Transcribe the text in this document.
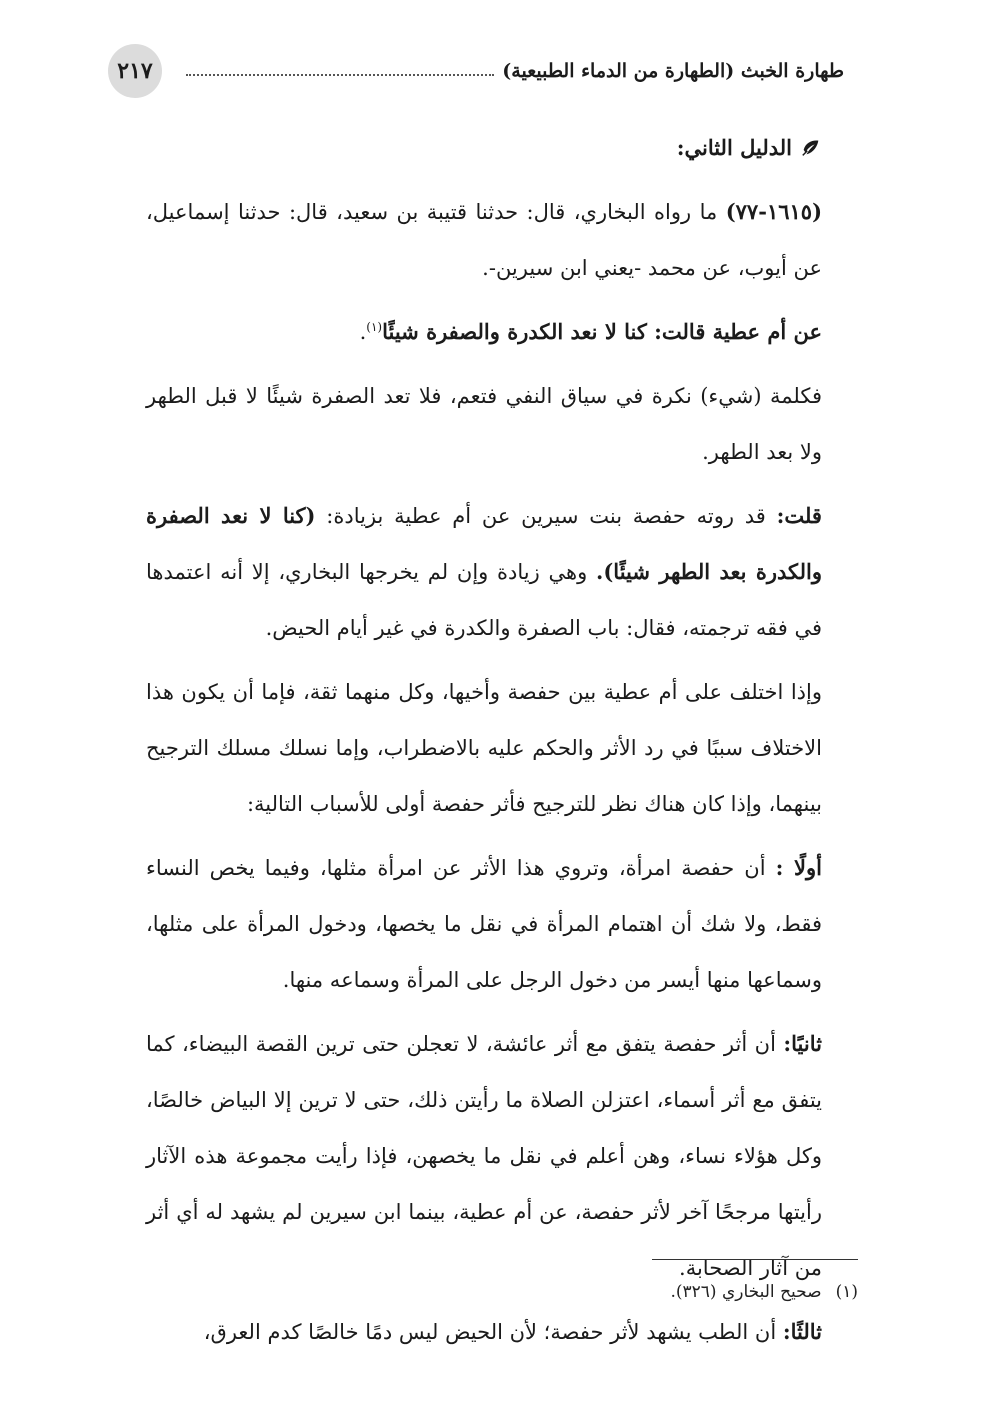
٢١٧	طهارة الخبث (الطهارة من الدماء الطبيعية)

الدليل الثاني:

(١٦١٥-٧٧) ما رواه البخاري، قال: حدثنا قتيبة بن سعيد، قال: حدثنا إسماعيل، عن أيوب، عن محمد -يعني ابن سيرين-.

عن أم عطية قالت: كنا لا نعد الكدرة والصفرة شيئًا$^{(١)}$.

فكلمة (شيء) نكرة في سياق النفي فتعم، فلا تعد الصفرة شيئًا لا قبل الطهر ولا بعد الطهر.

قلت: قد روته حفصة بنت سيرين عن أم عطية بزيادة: (كنا لا نعد الصفرة والكدرة بعد الطهر شيئًا). وهي زيادة وإن لم يخرجها البخاري، إلا أنه اعتمدها في فقه ترجمته، فقال: باب الصفرة والكدرة في غير أيام الحيض.

وإذا اختلف على أم عطية بين حفصة وأخيها، وكل منهما ثقة، فإما أن يكون هذا الاختلاف سببًا في رد الأثر والحكم عليه بالاضطراب، وإما نسلك مسلك الترجيح بينهما، وإذا كان هناك نظر للترجيح فأثر حفصة أولى للأسباب التالية:

أولًا : أن حفصة امرأة، وتروي هذا الأثر عن امرأة مثلها، وفيما يخص النساء فقط، ولا شك أن اهتمام المرأة في نقل ما يخصها، ودخول المرأة على مثلها، وسماعها منها أيسر من دخول الرجل على المرأة وسماعه منها.

ثانيًا: أن أثر حفصة يتفق مع أثر عائشة، لا تعجلن حتى ترين القصة البيضاء، كما يتفق مع أثر أسماء، اعتزلن الصلاة ما رأيتن ذلك، حتى لا ترين إلا البياض خالصًا، وكل هؤلاء نساء، وهن أعلم في نقل ما يخصهن، فإذا رأيت مجموعة هذه الآثار رأيتها مرجحًا آخر لأثر حفصة، عن أم عطية، بينما ابن سيرين لم يشهد له أي أثر من آثار الصحابة.

ثالثًا: أن الطب يشهد لأثر حفصة؛ لأن الحيض ليس دمًا خالصًا كدم العرق،

(١)صحيح البخاري (٣٢٦).
